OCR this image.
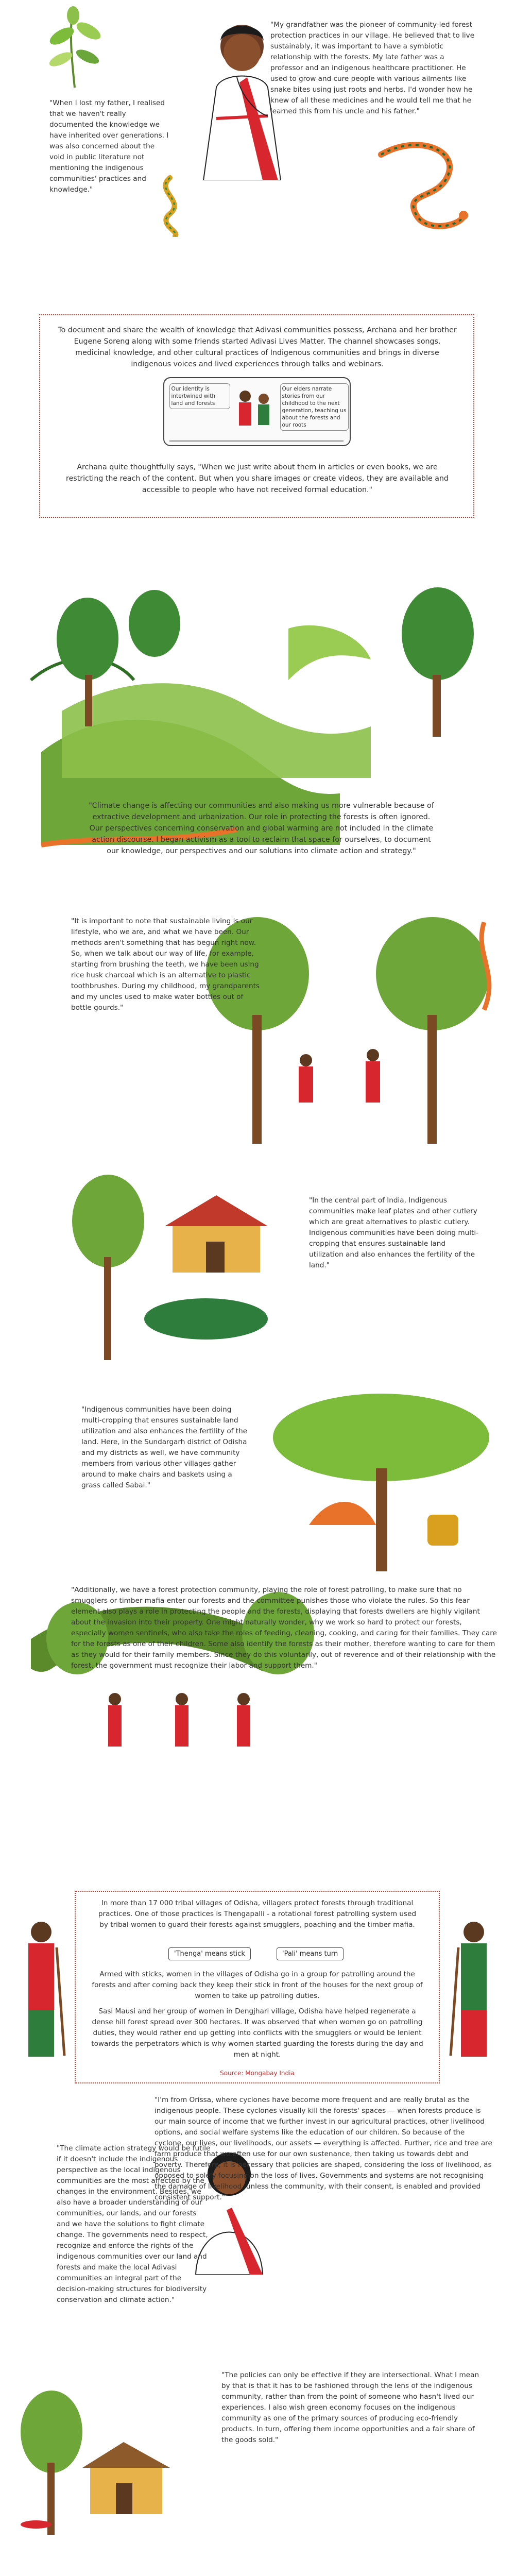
"My grandfather was the pioneer of community-led forest protection practices in our village. He believed that to live sustainably, it was important to have a symbiotic relationship with the forests. My late father was a professor and an indigenous healthcare practitioner. He used to grow and cure people with various ailments like snake bites using just roots and herbs. I'd wonder how he knew of all these medicines and he would tell me that he learned this from his uncle and his father."
"When I lost my father, I realised that we haven't really documented the knowledge we have inherited over generations. I was also concerned about the void in public literature not mentioning the indigenous communities' practices and knowledge."
To document and share the wealth of knowledge that Adivasi communities possess, Archana and her brother Eugene Soreng along with some friends started Adivasi Lives Matter. The channel showcases songs, medicinal knowledge, and other cultural practices of Indigenous communities and brings in diverse indigenous voices and lived experiences through talks and webinars.
Our identity is intertwined with land and forests
Our elders narrate stories from our childhood to the next generation, teaching us about the forests and our roots
Archana quite thoughtfully says, "When we just write about them in articles or even books, we are restricting the reach of the content. But when you share images or create videos, they are available and accessible to people who have not received formal education."
"Climate change is affecting our communities and also making us more vulnerable because of extractive development and urbanization. Our role in protecting the forests is often ignored. Our perspectives concerning conservation and global warming are not included in the climate action discourse. I began activism as a tool to reclaim that space for ourselves, to document our knowledge, our perspectives and our solutions into climate action and strategy."
"It is important to note that sustainable living is our lifestyle, who we are, and what we have been. Our methods aren't something that has begun right now. So, when we talk about our way of life, for example, starting from brushing the teeth, we have been using rice husk charcoal which is an alternative to plastic toothbrushes. During my childhood, my grandparents and my uncles used to make water bottles out of bottle gourds."
"In the central part of India, Indigenous communities make leaf plates and other cutlery which are great alternatives to plastic cutlery. Indigenous communities have been doing multi-cropping that ensures sustainable land utilization and also enhances the fertility of the land."
"Indigenous communities have been doing multi-cropping that ensures sustainable land utilization and also enhances the fertility of the land. Here, in the Sundargarh district of Odisha and my districts as well, we have community members from various other villages gather around to make chairs and baskets using a grass called Sabai."
"Additionally, we have a forest protection community, playing the role of forest patrolling, to make sure that no smugglers or timber mafia enter our forests and the committee punishes those who violate the rules. So this fear element also plays a role in protecting the people and the forests, displaying that forests dwellers are highly vigilant about the invasion into their property. One might naturally wonder, why we work so hard to protect our forests, especially women sentinels, who also take the roles of feeding, cleaning, cooking, and caring for their families. They care for the forests as one of their children. Some also identify the forests as their mother, therefore wanting to care for them as they would for their family members. Since they do this voluntarily, out of reverence and of their relationship with the forest, the government must recognize their labor and support them."
In more than 17 000 tribal villages of Odisha, villagers protect forests through traditional practices. One of those practices is Thengapalli - a rotational forest patrolling system used by tribal women to guard their forests against smugglers, poaching and the timber mafia.
'Thenga' means stick	'Pali' means turn
Armed with sticks, women in the villages of Odisha go in a group for patrolling around the forests and after coming back they keep their stick in front of the houses for the next group of women to take up patrolling duties.
Sasi Mausi and her group of women in Dengjhari village, Odisha have helped regenerate a dense hill forest spread over 300 hectares. It was observed that when women go on patrolling duties, they would rather end up getting into conflicts with the smugglers or would be lenient towards the perpetrators which is why women started guarding the forests during the day and men at night.
Source: Mongabay India
"I'm from Orissa, where cyclones have become more frequent and are really brutal as the indigenous people. These cyclones visually kill the forests' spaces — when forests produce is our main source of income that we further invest in our agricultural practices, other livelihood options, and social welfare systems like the education of our children. So because of the cyclone, our lives, our livelihoods, our assets — everything is affected. Further, rice and tree are farm produce that we often use for our own sustenance, then taking us towards debt and poverty. Therefore, it is necessary that policies are shaped, considering the loss of livelihood, as opposed to solely focusing on the loss of lives. Governments and systems are not recognising the damage of livelihood, unless the community, with their consent, is enabled and provided consistent support."
"The climate action strategy would be futile if it doesn't include the indigenous perspective as the local indigenous communities are the most affected by the changes in the environment. Besides, we also have a broader understanding of our communities, our lands, and our forests and we have the solutions to fight climate change. The governments need to respect, recognize and enforce the rights of the indigenous communities over our land and forests and make the local Adivasi communities an integral part of the decision-making structures for biodiversity conservation and climate action."
"The policies can only be effective if they are intersectional. What I mean by that is that it has to be fashioned through the lens of the indigenous community, rather than from the point of someone who hasn't lived our experiences. I also wish green economy focuses on the indigenous community as one of the primary sources of producing eco-friendly products. In turn, offering them income opportunities and a fair share of the goods sold."
